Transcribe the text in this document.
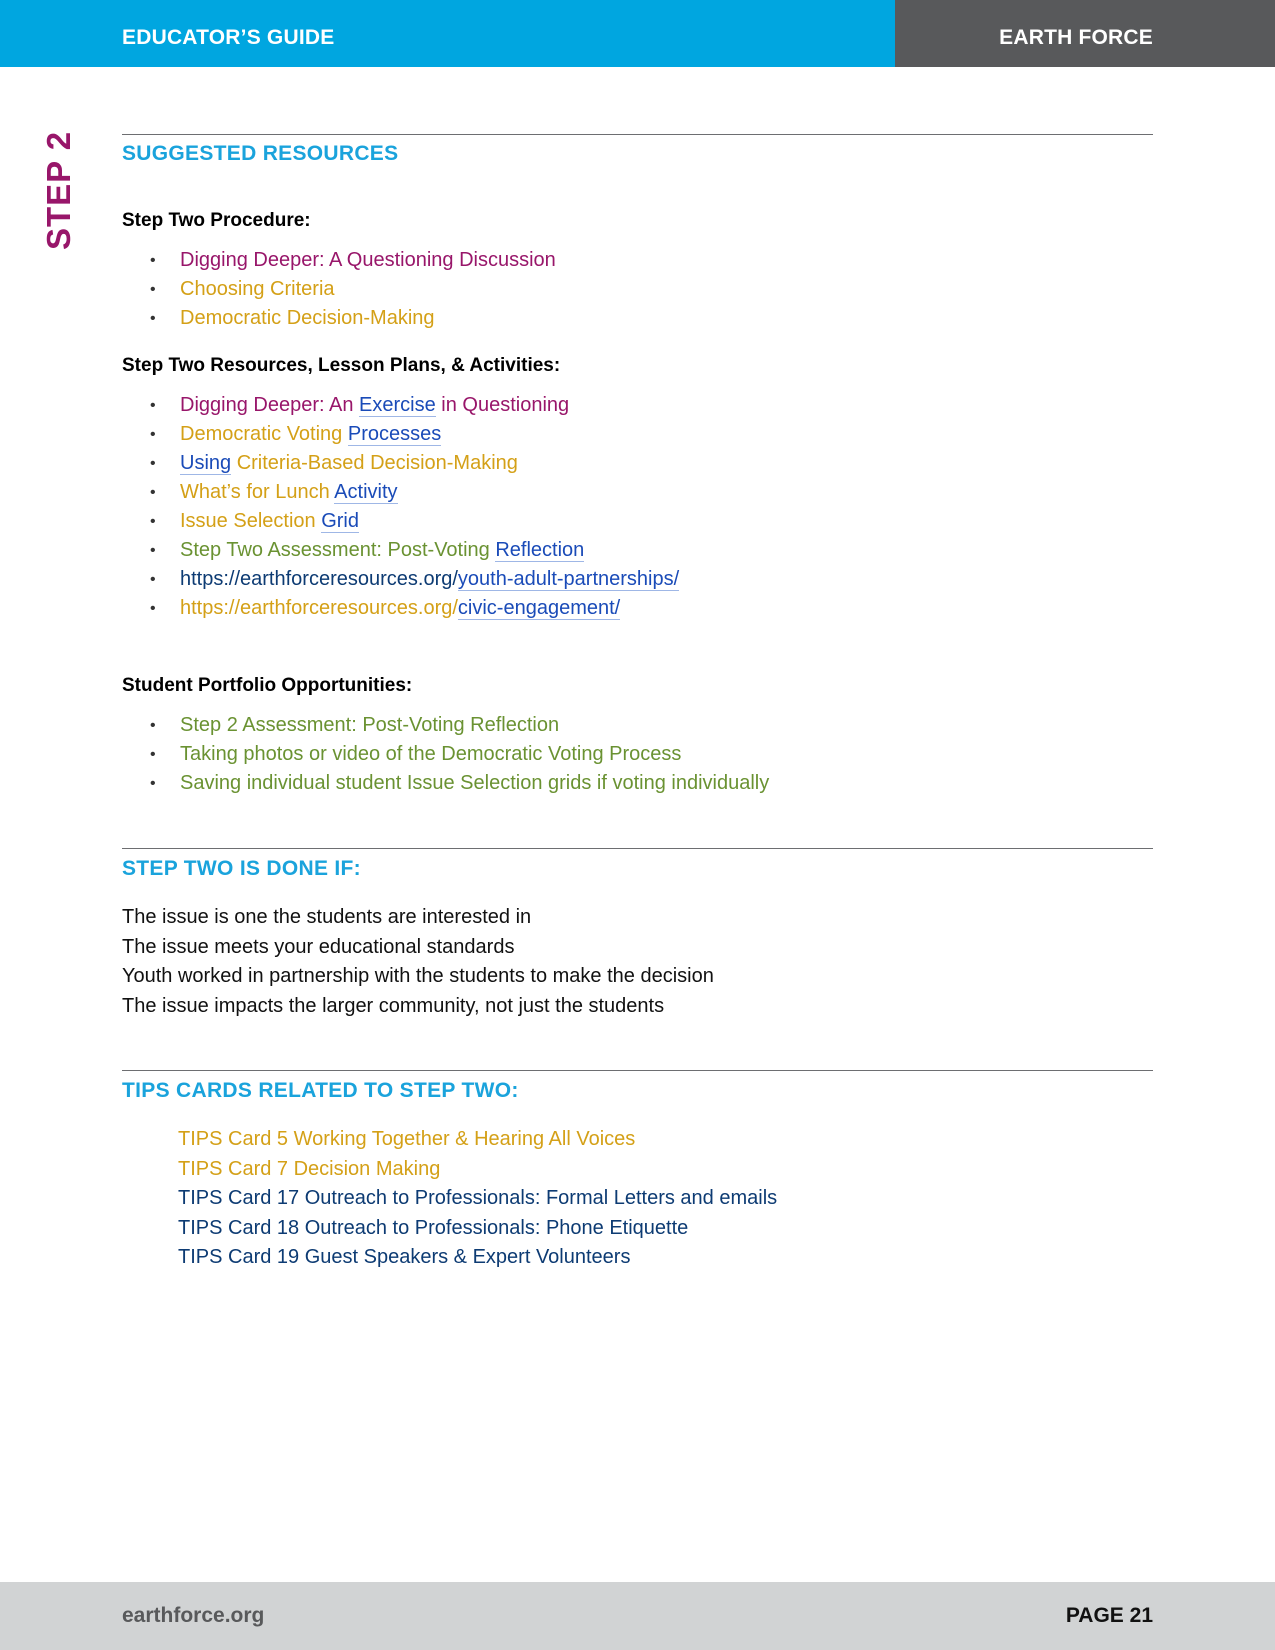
EDUCATOR’S GUIDE	EARTH FORCE
STEP 2 SUGGESTED RESOURCES
Step Two Procedure:
• Digging Deeper: A Questioning Discussion
• Choosing Criteria
• Democratic Decision-Making
Step Two Resources, Lesson Plans, & Activities:
• Digging Deeper: An Exercise in Questioning
• Democratic Voting Processes
• Using Criteria-Based Decision-Making
• What’s for Lunch Activity
• Issue Selection Grid
• Step Two Assessment: Post-Voting Reflection
• https://earthforceresources.org/youth-adult-partnerships/
• https://earthforceresources.org/civic-engagement/
Student Portfolio Opportunities:
• Step 2 Assessment: Post-Voting Reflection
• Taking photos or video of the Democratic Voting Process
• Saving individual student Issue Selection grids if voting individually
STEP TWO IS DONE IF:
The issue is one the students are interested in
The issue meets your educational standards
Youth worked in partnership with the students to make the decision
The issue impacts the larger community, not just the students
TIPS CARDS RELATED TO STEP TWO:
TIPS Card 5 Working Together & Hearing All Voices
TIPS Card 7 Decision Making
TIPS Card 17 Outreach to Professionals: Formal Letters and emails
TIPS Card 18 Outreach to Professionals: Phone Etiquette
TIPS Card 19 Guest Speakers & Expert Volunteers
earthforce.org	PAGE 21
